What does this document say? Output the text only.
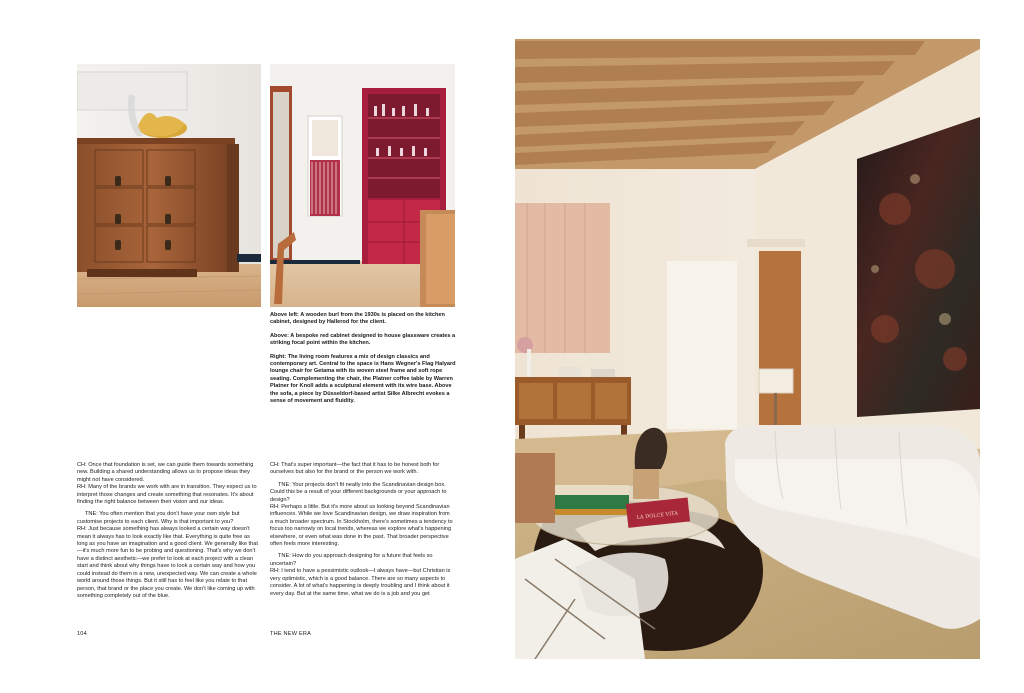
LA DOLCE VITA

Above left: A wooden burl from the 1930s is placed on the kitchen cabinet, designed by Hallerod for the client.

Above: A bespoke red cabinet designed to house glassware creates a striking focal point within the kitchen.

Right: The living room features a mix of design classics and contemporary art. Central to the space is Hans Wegner's Flag Halyard lounge chair for Getama with its woven steel frame and soft rope seating. Complementing the chair, the Platner coffee table by Warren Platner for Knoll adds a sculptural element with its wire base. Above the sofa, a piece by Düsseldorf-based artist Silke Albrecht evokes a sense of movement and fluidity.

CH: Once that foundation is set, we can guide them towards something new. Building a shared understanding allows us to propose ideas they might not have considered.

RH: Many of the brands we work with are in transition. They expect us to interpret those changes and create something that resonates. It's about finding the right balance between their vision and our ideas.

TNE: You often mention that you don't have your own style but customise projects to each client. Why is that important to you?

RH: Just because something has always looked a certain way doesn't mean it always has to look exactly like that. Everything is quite free as long as you have an imagination and a good client. We generally like that—it's much more fun to be probing and questioning. That's why we don't have a distinct aesthetic—we prefer to look at each project with a clean start and think about why things have to look a certain way and how you could instead do them in a new, unexpected way. We can create a whole world around those things. But it still has to feel like you relate to that person, that brand or the place you create. We don't like coming up with something completely out of the blue.

CH: That's super important—the fact that it has to be honest both for ourselves but also for the brand or the person we work with.

TNE: Your projects don't fit neatly into the Scandinavian design box. Could this be a result of your different backgrounds or your approach to design?

RH: Perhaps a little. But it's more about us looking beyond Scandinavian influences. While we love Scandinavian design, we draw inspiration from a much broader spectrum. In Stockholm, there's sometimes a tendency to focus too narrowly on local trends, whereas we explore what's happening elsewhere, or even what was done in the past. That broader perspective often feels more interesting.

TNE: How do you approach designing for a future that feels so uncertain?

RH: I tend to have a pessimistic outlook—I always have—but Christian is very optimistic, which is a good balance. There are so many aspects to consider. A lot of what's happening is deeply troubling and I think about it every day. But at the same time, what we do is a job and you get

104	THE NEW ERA
